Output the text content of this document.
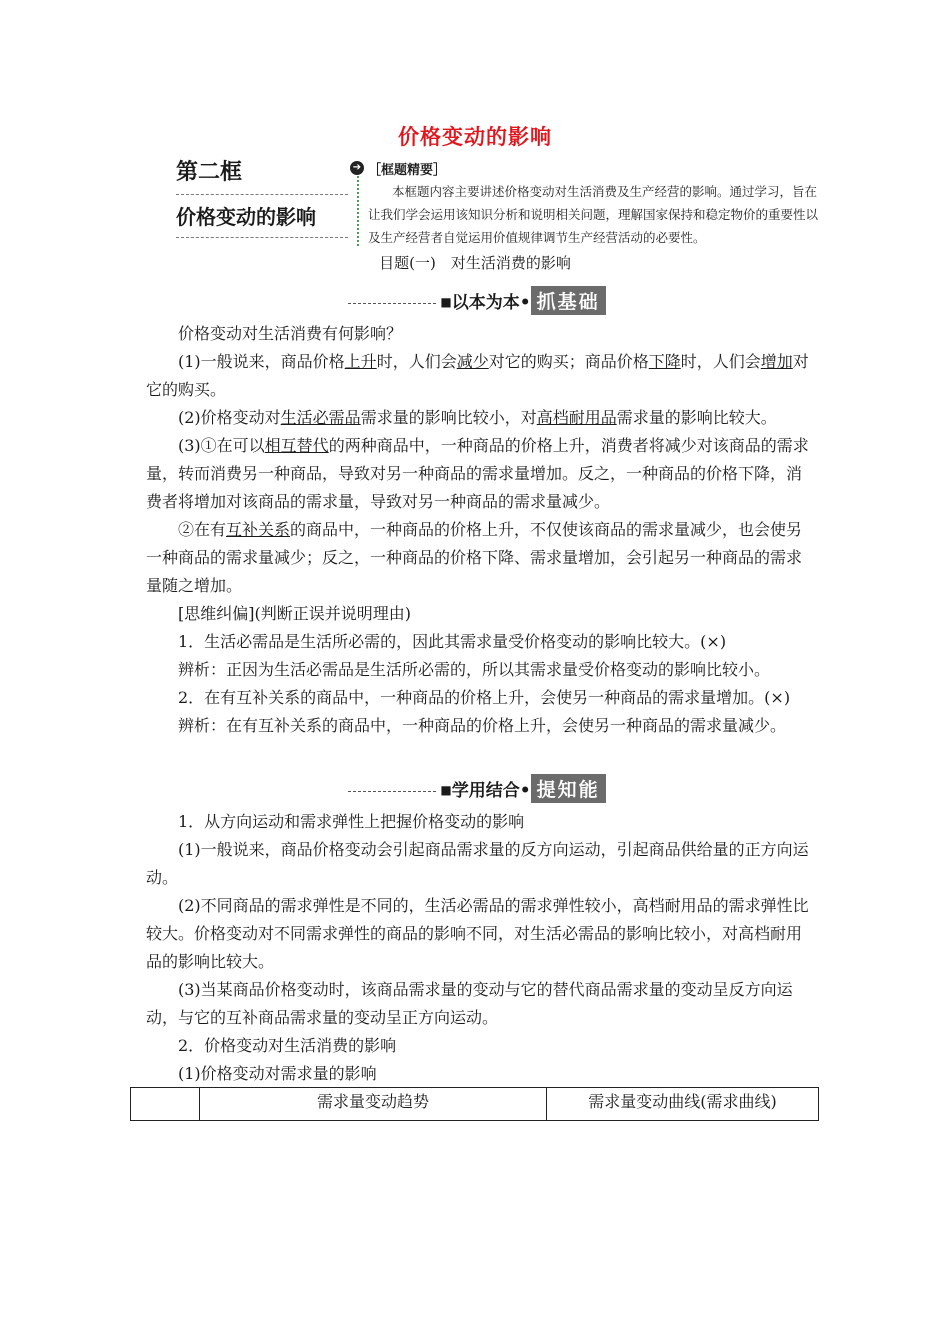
价格变动的影响
第二框
价格变动的影响
➔ ［框题精要］
本框题内容主要讲述价格变动对生活消费及生产经营的影响。通过学习，旨在让我们学会运用该知识分析和说明相关问题，理解国家保持和稳定物价的重要性以及生产经营者自觉运用价值规律调节生产经营活动的必要性。
目题(一)　对生活消费的影响
■以本为本• 抓基础

价格变动对生活消费有何影响？

(1)一般说来，商品价格上升时，人们会减少对它的购买；商品价格下降时，人们会增加对它的购买。

(2)价格变动对生活必需品需求量的影响比较小，对高档耐用品需求量的影响比较大。

(3)①在可以相互替代的两种商品中，一种商品的价格上升，消费者将减少对该商品的需求量，转而消费另一种商品，导致对另一种商品的需求量增加。反之，一种商品的价格下降，消费者将增加对该商品的需求量，导致对另一种商品的需求量减少。

②在有互补关系的商品中，一种商品的价格上升，不仅使该商品的需求量减少，也会使另一种商品的需求量减少；反之，一种商品的价格下降、需求量增加，会引起另一种商品的需求量随之增加。

[思维纠偏](判断正误并说明理由)

1．生活必需品是生活所必需的，因此其需求量受价格变动的影响比较大。(×)

辨析：正因为生活必需品是生活所必需的，所以其需求量受价格变动的影响比较小。

2．在有互补关系的商品中，一种商品的价格上升，会使另一种商品的需求量增加。(×)

辨析：在有互补关系的商品中，一种商品的价格上升，会使另一种商品的需求量减少。

■学用结合• 提知能

1．从方向运动和需求弹性上把握价格变动的影响

(1)一般说来，商品价格变动会引起商品需求量的反方向运动，引起商品供给量的正方向运动。

(2)不同商品的需求弹性是不同的，生活必需品的需求弹性较小，高档耐用品的需求弹性比较大。价格变动对不同需求弹性的商品的影响不同，对生活必需品的影响比较小，对高档耐用品的影响比较大。

(3)当某商品价格变动时，该商品需求量的变动与它的替代商品需求量的变动呈反方向运动，与它的互补商品需求量的变动呈正方向运动。

2．价格变动对生活消费的影响

(1)价格变动对需求量的影响

	需求量变动趋势	需求量变动曲线(需求曲线)
